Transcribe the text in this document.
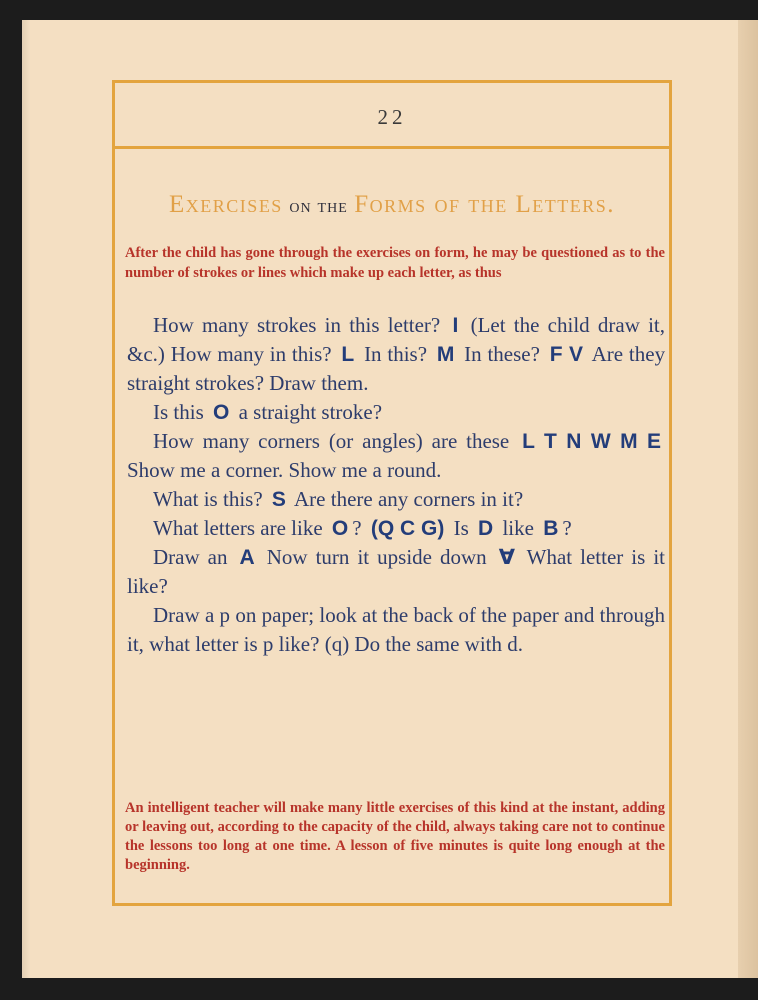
22
Exercises on the Forms of the Letters.
After the child has gone through the exercises on form, he may be questioned as to the number of strokes or lines which make up each letter, as thus

How many strokes in this letter? I (Let the child draw it, &c.) How many in this? L In this? M In these? F V Are they straight strokes? Draw them.

Is this O a straight stroke?

How many corners (or angles) are these L T N W M E Show me a corner. Show me a round.

What is this? S Are there any corners in it?

What letters are like O ? (Q C G) Is D like B ?

Draw an A Now turn it upside down ∀ What letter is it like?

Draw a p on paper; look at the back of the paper and through it, what letter is p like? (q) Do the same with d.

An intelligent teacher will make many little exercises of this kind at the instant, adding or leaving out, according to the capacity of the child, always taking care not to continue the lessons too long at one time. A lesson of five minutes is quite long enough at the beginning.
